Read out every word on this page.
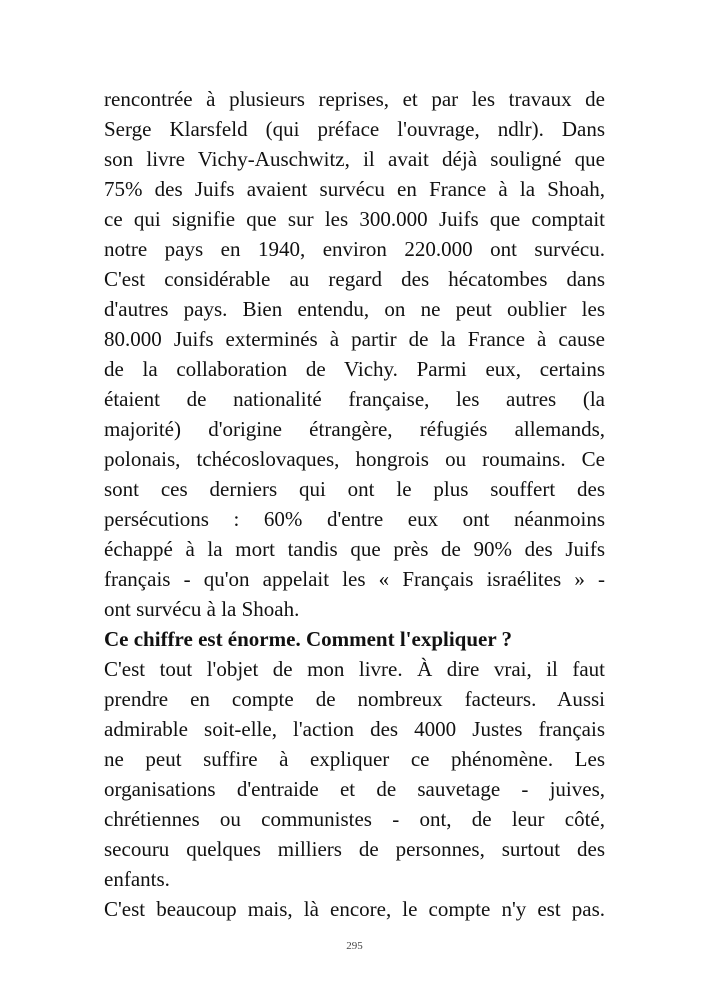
rencontrée à plusieurs reprises, et par les travaux de
Serge Klarsfeld (qui préface l'ouvrage, ndlr). Dans
son livre Vichy-Auschwitz, il avait déjà souligné que
75% des Juifs avaient survécu en France à la Shoah,
ce qui signifie que sur les 300.000 Juifs que comptait
notre pays en 1940, environ 220.000 ont survécu.
C'est considérable au regard des hécatombes dans
d'autres pays. Bien entendu, on ne peut oublier les
80.000 Juifs exterminés à partir de la France à cause
de la collaboration de Vichy. Parmi eux, certains
étaient de nationalité française, les autres (la
majorité) d'origine étrangère, réfugiés allemands,
polonais, tchécoslovaques, hongrois ou roumains. Ce
sont ces derniers qui ont le plus souffert des
persécutions : 60% d'entre eux ont néanmoins
échappé à la mort tandis que près de 90% des Juifs
français - qu'on appelait les « Français israélites » -
ont survécu à la Shoah.
Ce chiffre est énorme. Comment l'expliquer ?
C'est tout l'objet de mon livre. À dire vrai, il faut
prendre en compte de nombreux facteurs. Aussi
admirable soit-elle, l'action des 4000 Justes français
ne peut suffire à expliquer ce phénomène. Les
organisations d'entraide et de sauvetage - juives,
chrétiennes ou communistes - ont, de leur côté,
secouru quelques milliers de personnes, surtout des
enfants.
C'est beaucoup mais, là encore, le compte n'y est pas.
295
